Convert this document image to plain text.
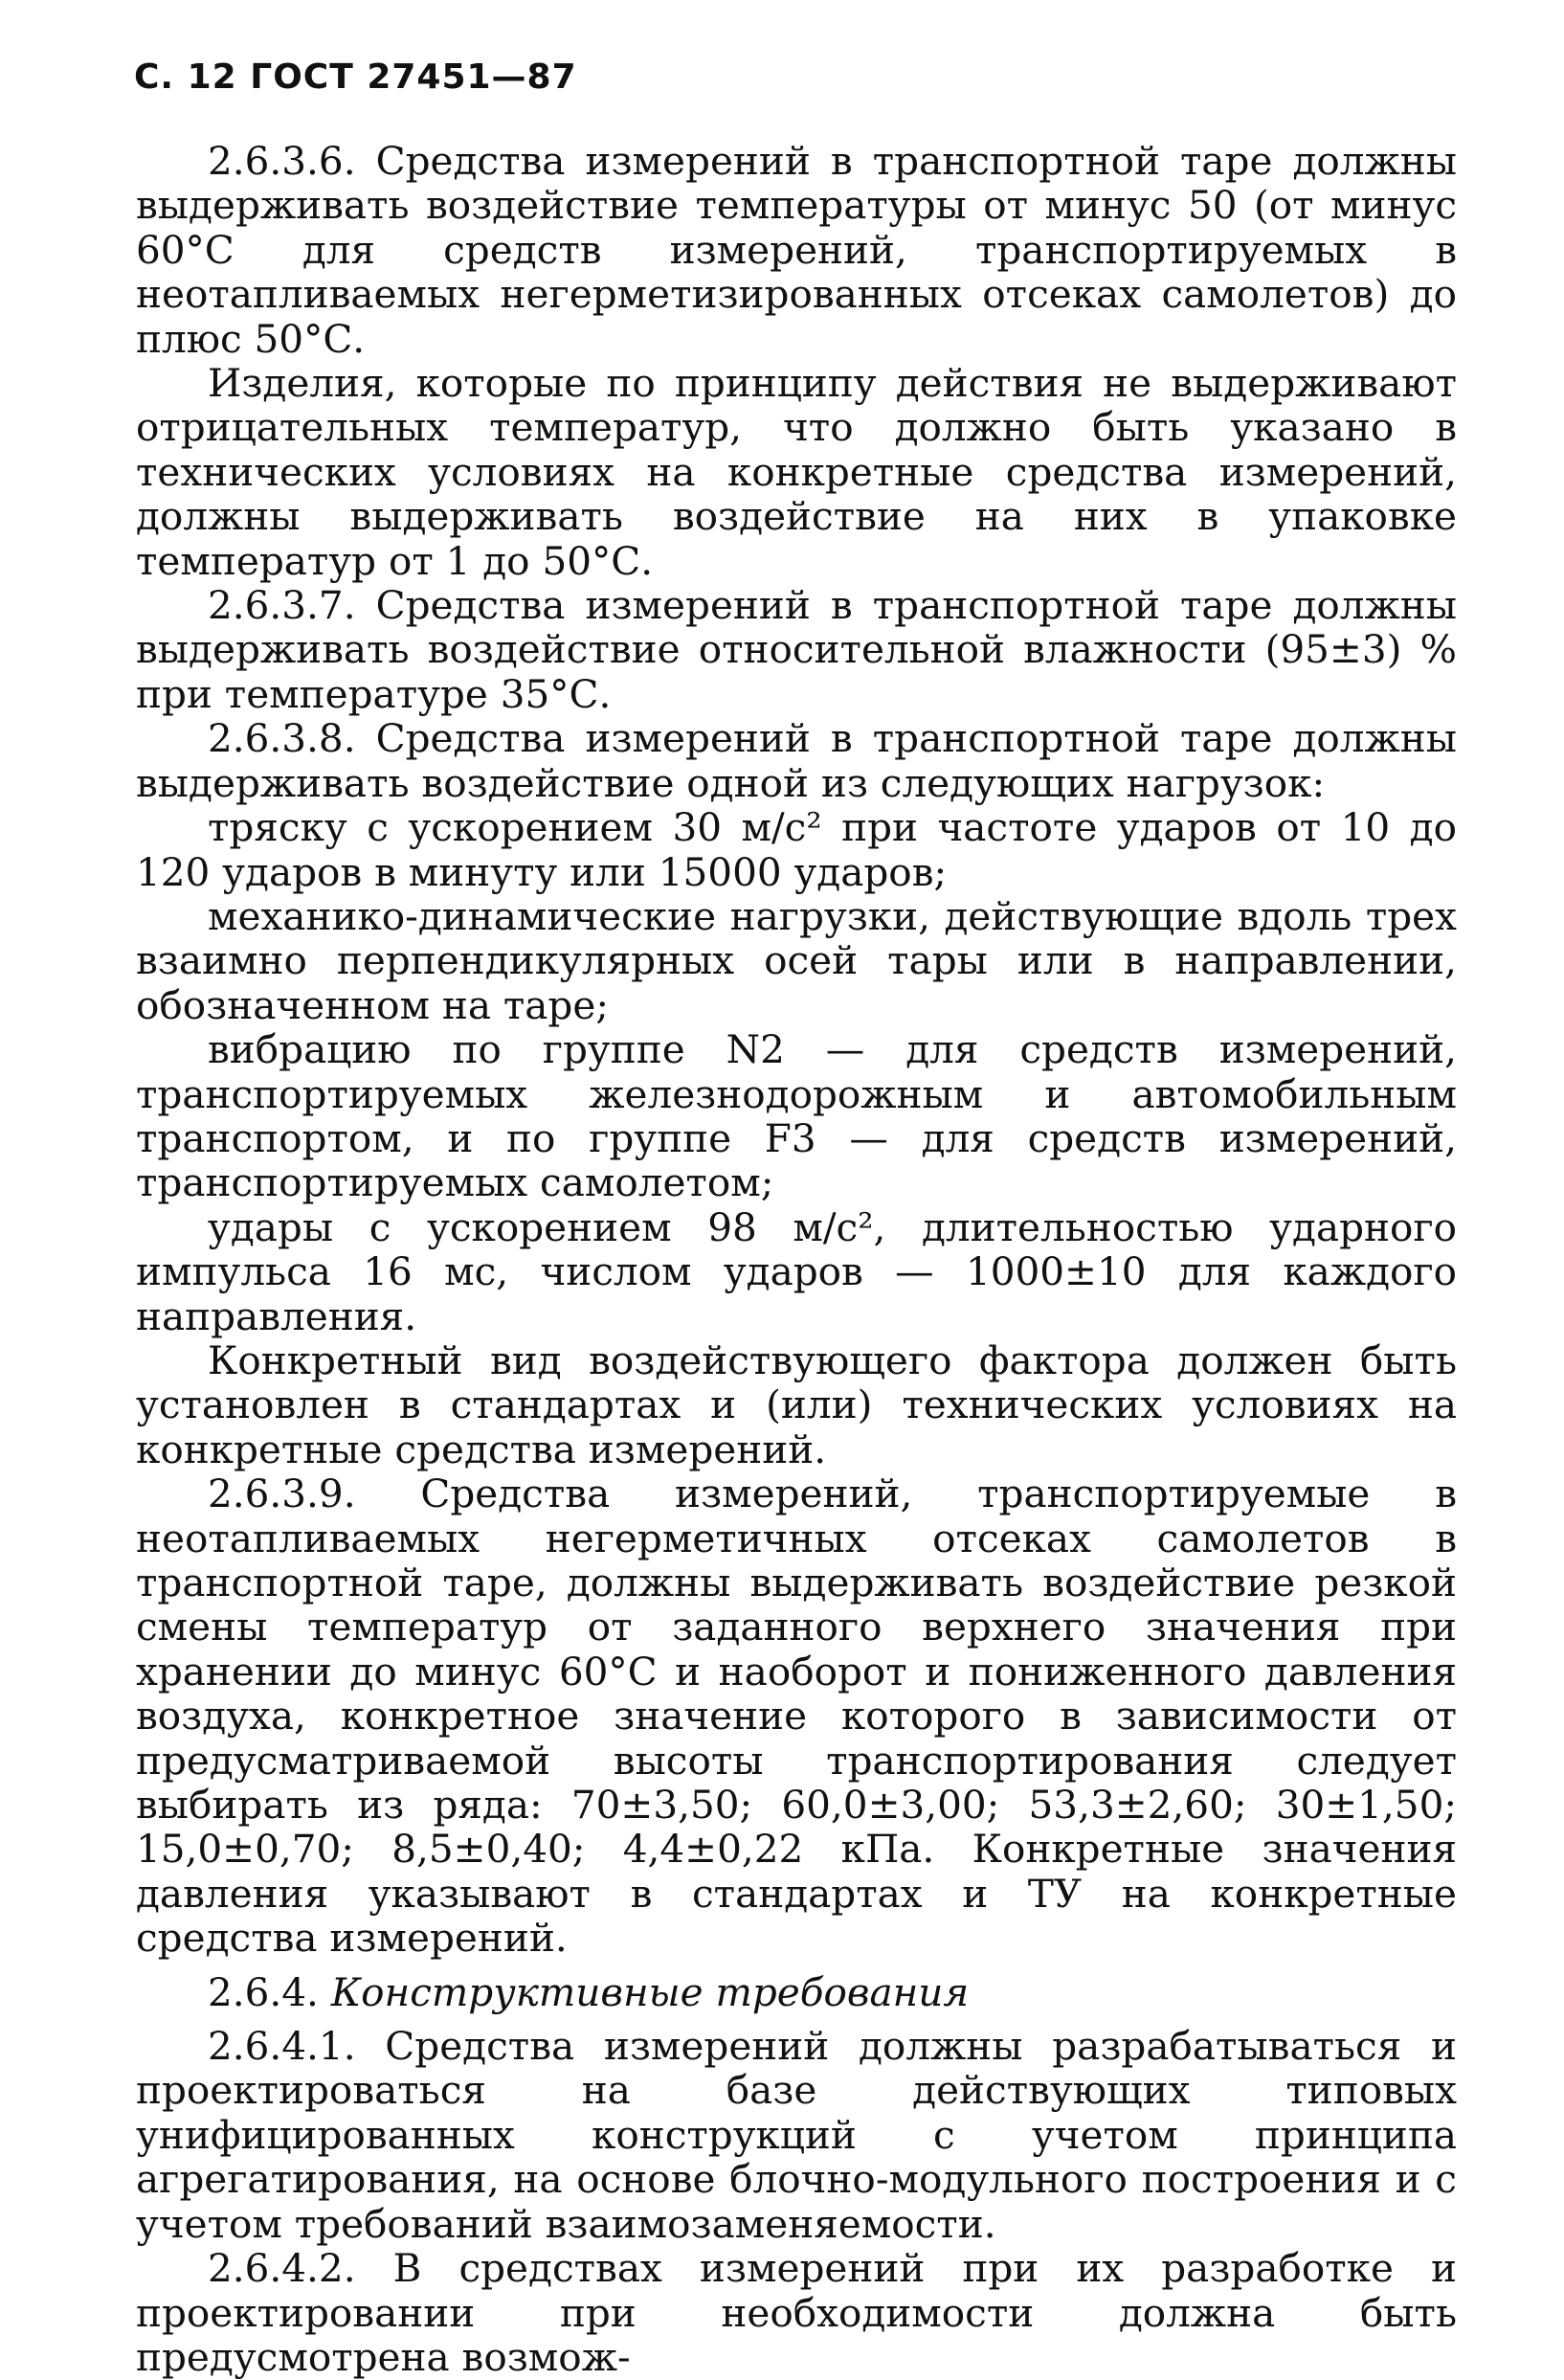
С. 12 ГОСТ 27451—87

2.6.3.6. Средства измерений в транспортной таре должны выдерживать воздействие температуры от минус 50 (от минус 60°С для средств измерений, транспортируемых в неотапливаемых негерметизированных отсеках самолетов) до плюс 50°С.

Изделия, которые по принципу действия не выдерживают отрицательных температур, что должно быть указано в технических условиях на конкретные средства измерений, должны выдерживать воздействие на них в упаковке температур от 1 до 50°С.

2.6.3.7. Средства измерений в транспортной таре должны выдерживать воздействие относительной влажности (95±3) % при температуре 35°С.

2.6.3.8. Средства измерений в транспортной таре должны выдерживать воздействие одной из следующих нагрузок:

тряску с ускорением 30 м/с² при частоте ударов от 10 до 120 ударов в минуту или 15000 ударов;

механико-динамические нагрузки, действующие вдоль трех взаимно перпендикулярных осей тары или в направлении, обозначенном на таре;

вибрацию по группе N2 — для средств измерений, транспортируемых железнодорожным и автомобильным транспортом, и по группе F3 — для средств измерений, транспортируемых самолетом;

удары с ускорением 98 м/с², длительностью ударного импульса 16 мс, числом ударов — 1000±10 для каждого направления.

Конкретный вид воздействующего фактора должен быть установлен в стандартах и (или) технических условиях на конкретные средства измерений.

2.6.3.9. Средства измерений, транспортируемые в неотапливаемых негерметичных отсеках самолетов в транспортной таре, должны выдерживать воздействие резкой смены температур от заданного верхнего значения при хранении до минус 60°С и наоборот и пониженного давления воздуха, конкретное значение которого в зависимости от предусматриваемой высоты транспортирования следует выбирать из ряда: 70±3,50; 60,0±3,00; 53,3±2,60; 30±1,50; 15,0±0,70; 8,5±0,40; 4,4±0,22 кПа. Конкретные значения давления указывают в стандартах и ТУ на конкретные средства измерений.

2.6.4. Конструктивные требования

2.6.4.1. Средства измерений должны разрабатываться и проектироваться на базе действующих типовых унифицированных конструкций с учетом принципа агрегатирования, на основе блочно-модульного построения и с учетом требований взаимозаменяемости.

2.6.4.2. В средствах измерений при их разработке и проектировании при необходимости должна быть предусмотрена возмож-
